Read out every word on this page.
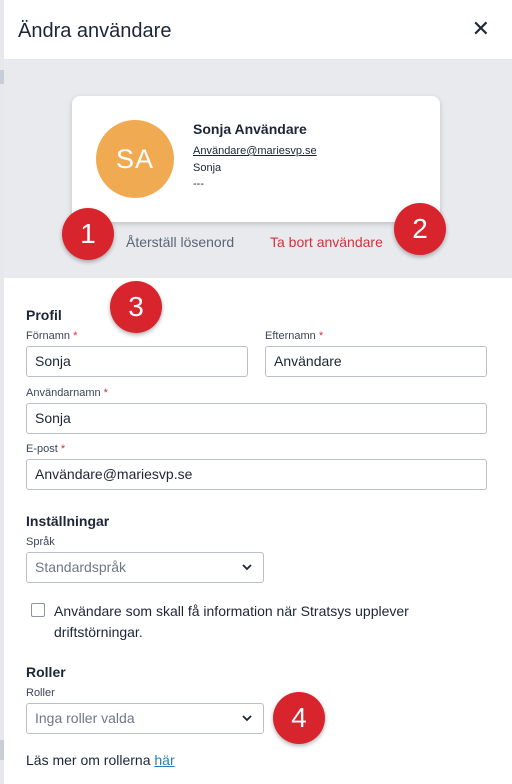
Ändra användare	✕
SA
Sonja Användare
Användare@mariesvp.se
Sonja
---
Återställ lösenord	Ta bort användare
1	2
3
4
Profil
Förnamn *
Sonja
Efternamn *
Användare
Användarnamn *
Sonja
E-post *
Användare@mariesvp.se
Inställningar
Språk
Standardspråk
Användare som skall få information när Stratsys upplever driftstörningar.
Roller
Roller
Inga roller valda
Läs mer om rollerna här
